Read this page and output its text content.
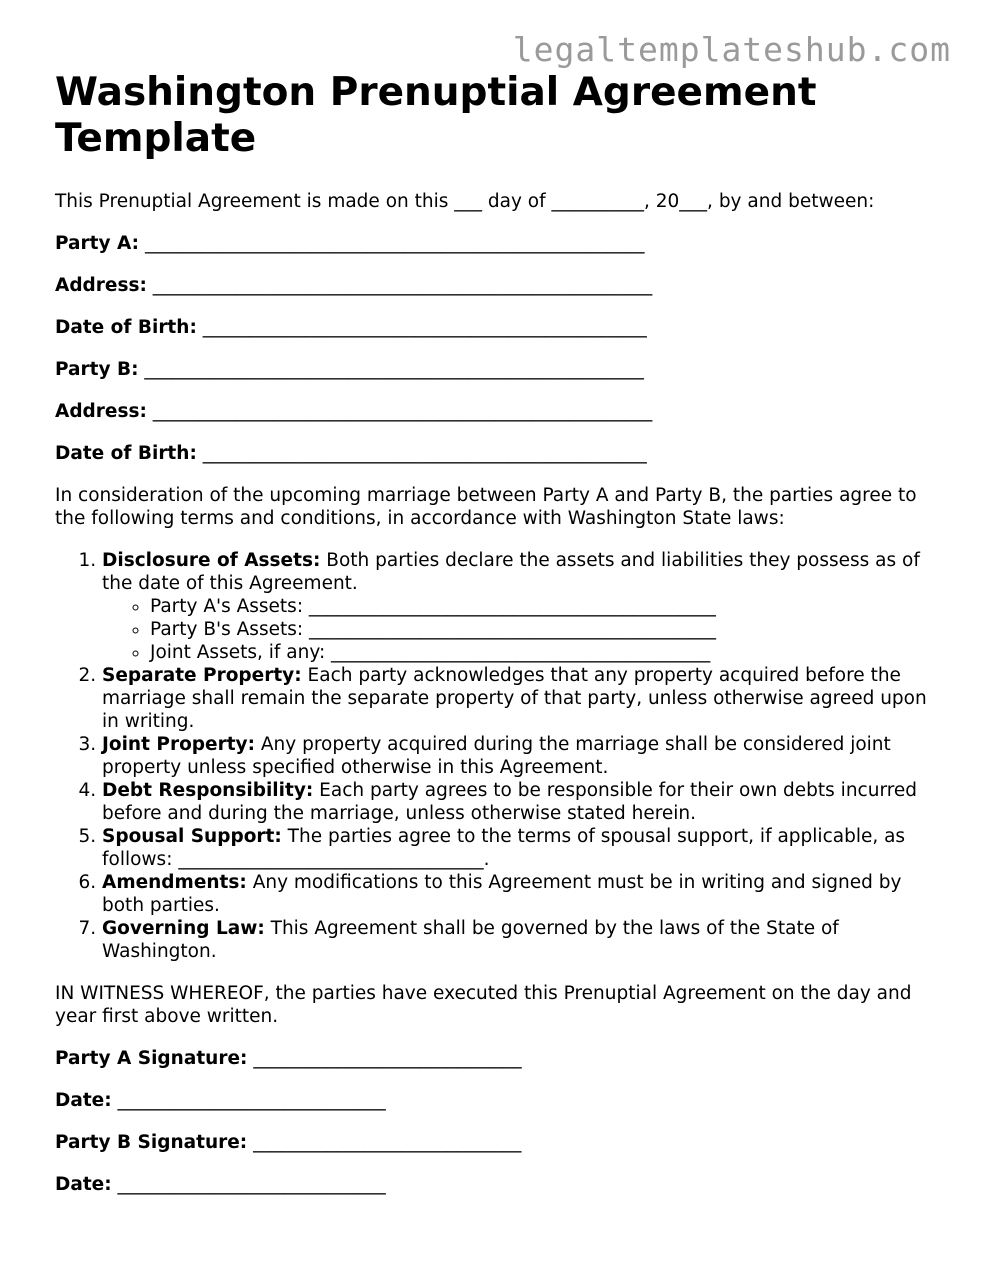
legaltemplateshub.com
Washington Prenuptial Agreement Template

This Prenuptial Agreement is made on this ___ day of __________, 20___, by and between:

Party A: ______________________________________________________

Address: ______________________________________________________

Date of Birth: ________________________________________________

Party B: ______________________________________________________

Address: ______________________________________________________

Date of Birth: ________________________________________________

In consideration of the upcoming marriage between Party A and Party B, the parties agree to the following terms and conditions, in accordance with Washington State laws:

1. Disclosure of Assets: Both parties declare the assets and liabilities they possess as of the date of this Agreement.
◦ Party A's Assets: ____________________________________________
◦ Party B's Assets: ____________________________________________
◦ Joint Assets, if any: _________________________________________
2. Separate Property: Each party acknowledges that any property acquired before the marriage shall remain the separate property of that party, unless otherwise agreed upon in writing.
3. Joint Property: Any property acquired during the marriage shall be considered joint property unless specified otherwise in this Agreement.
4. Debt Responsibility: Each party agrees to be responsible for their own debts incurred before and during the marriage, unless otherwise stated herein.
5. Spousal Support: The parties agree to the terms of spousal support, if applicable, as follows: _________________________________.
6. Amendments: Any modifications to this Agreement must be in writing and signed by both parties.
7. Governing Law: This Agreement shall be governed by the laws of the State of Washington.

IN WITNESS WHEREOF, the parties have executed this Prenuptial Agreement on the day and year first above written.

Party A Signature: _____________________________

Date: _____________________________

Party B Signature: _____________________________

Date: _____________________________
